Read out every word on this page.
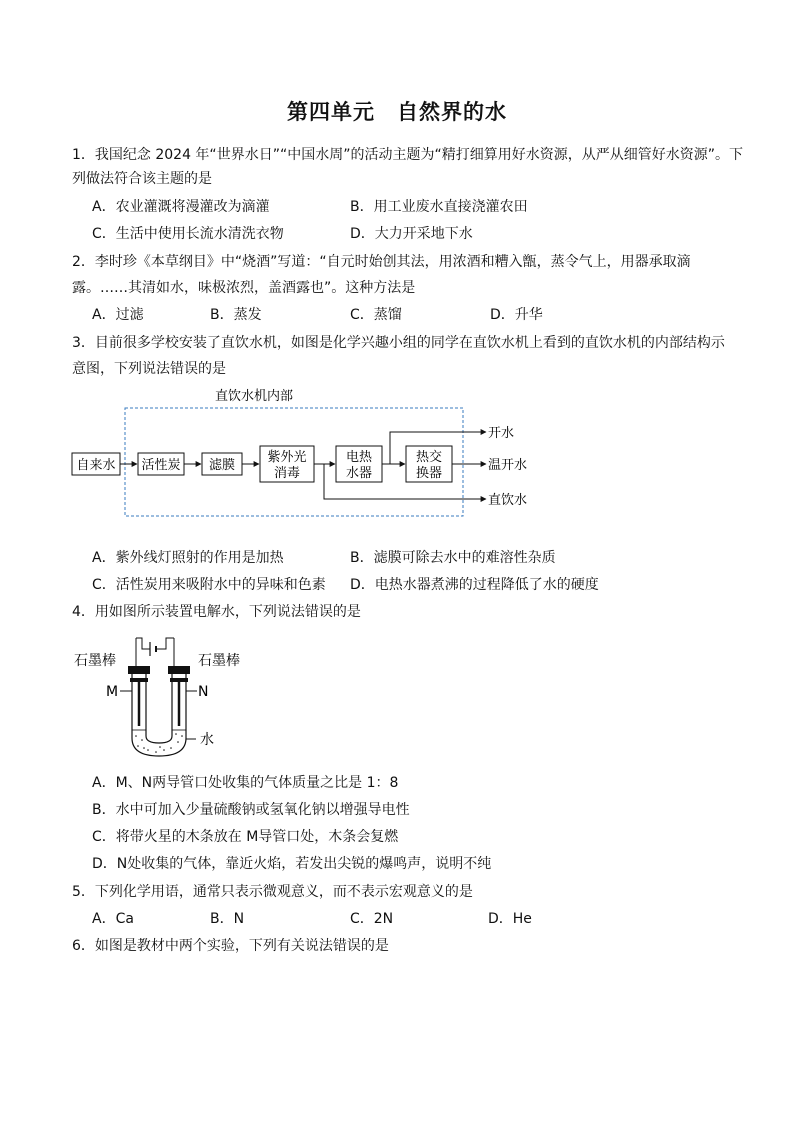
第四单元　自然界的水
1．我国纪念 2024 年“世界水日”“中国水周”的活动主题为“精打细算用好水资源，从严从细管好水资源”。下
列做法符合该主题的是
A．农业灌溉将漫灌改为滴灌	B．用工业废水直接浇灌农田
C．生活中使用长流水清洗衣物	D．大力开采地下水
2．李时珍《本草纲目》中“烧酒”写道：“自元时始创其法，用浓酒和糟入甑，蒸令气上，用器承取滴
露。……其清如水，味极浓烈，盖酒露也”。这种方法是
A．过滤	B．蒸发	C．蒸馏	D．升华
3．目前很多学校安装了直饮水机，如图是化学兴趣小组的同学在直饮水机上看到的直饮水机的内部结构示
意图，下列说法错误的是
直饮水机内部
自来水 活性炭 滤膜
紫外光
消毒
电热
水器
热交
换器
开水
温开水
直饮水
A．紫外线灯照射的作用是加热	B．滤膜可除去水中的难溶性杂质
C．活性炭用来吸附水中的异味和色素 D．电热水器煮沸的过程降低了水的硬度
4．用如图所示装置电解水，下列说法错误的是
石墨棒	石墨棒
M	N
水
A．M、N两导管口处收集的气体质量之比是 1：8
B．水中可加入少量硫酸钠或氢氧化钠以增强导电性
C．将带火星的木条放在 M导管口处，木条会复燃
D．N处收集的气体，靠近火焰，若发出尖锐的爆鸣声，说明不纯
5．下列化学用语，通常只表示微观意义，而不表示宏观意义的是
A．Ca	B．N	C．2N	D．He
6．如图是教材中两个实验，下列有关说法错误的是
